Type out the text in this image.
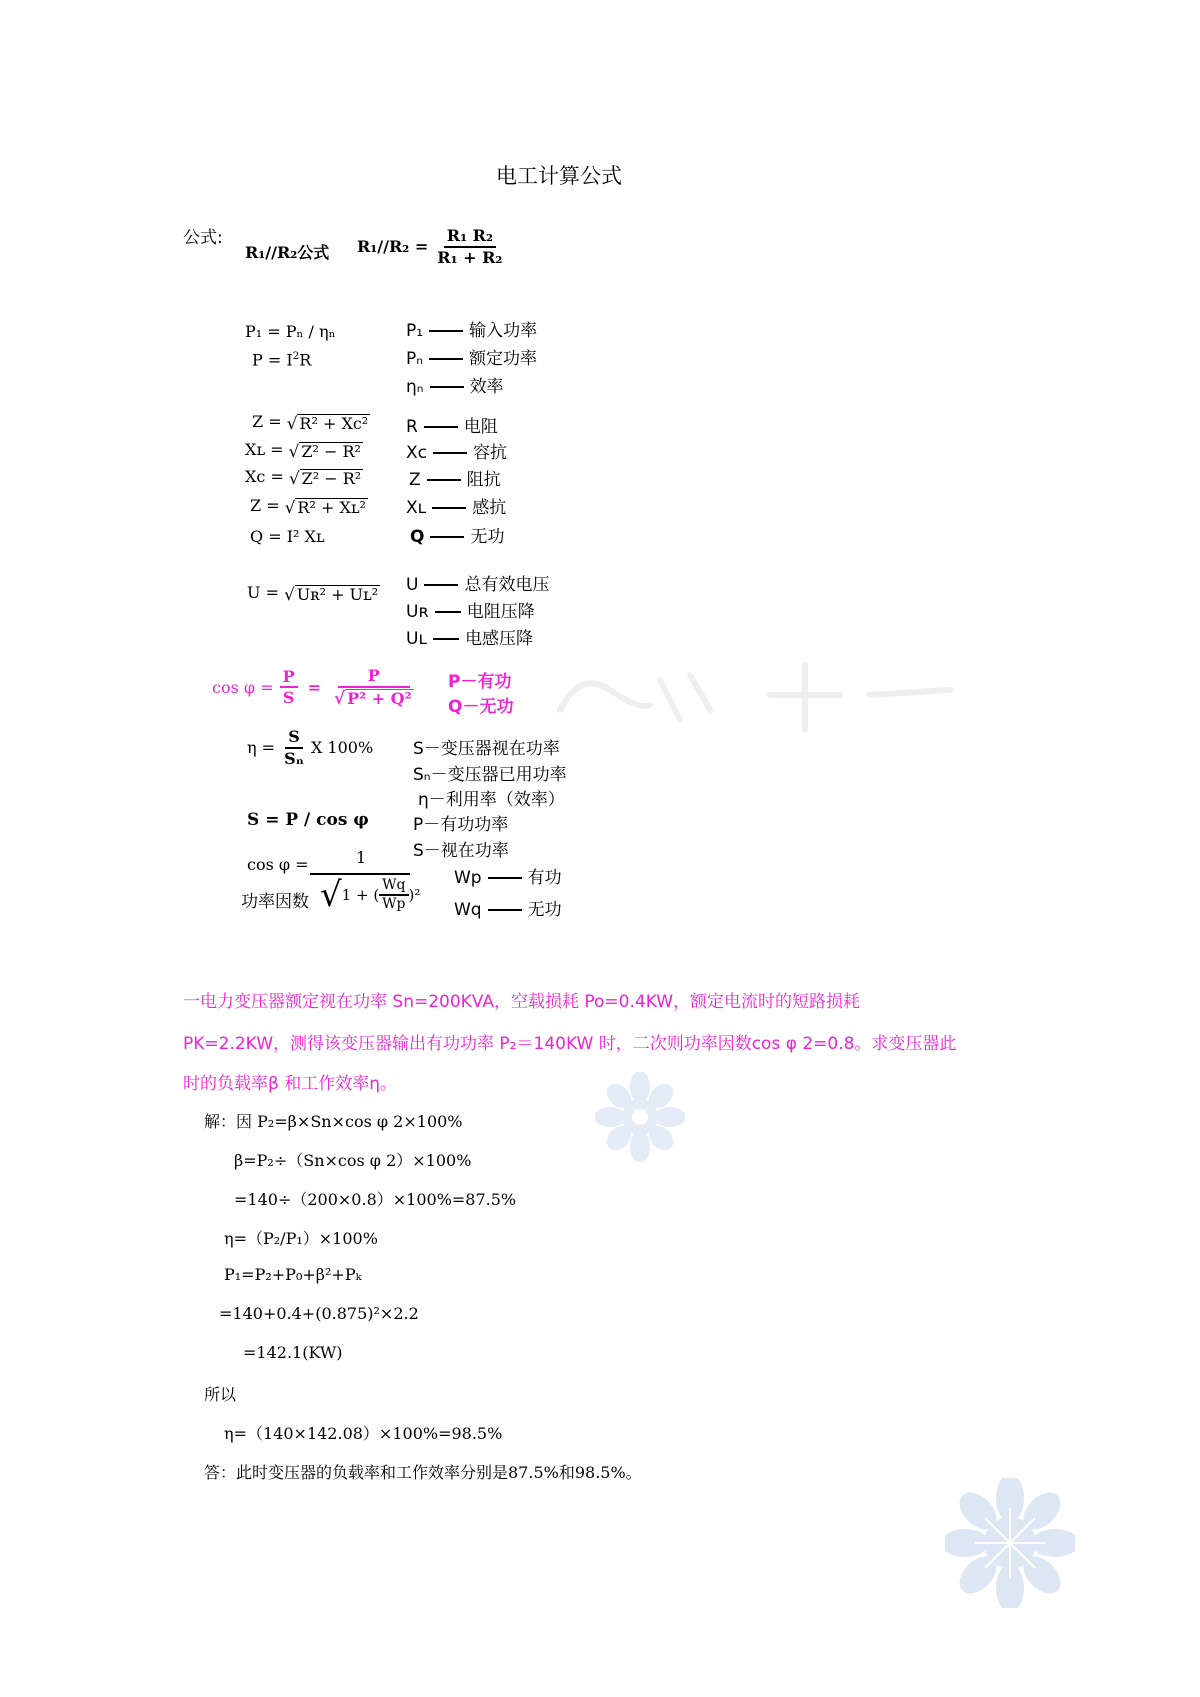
电工计算公式
公式:
R₁//R₂公式 $R_1//R_2 = \frac{\text{R₁ R₂}}{\text{R₁ + R₂}}$
P₁ = Pₙ / ηₙ
$P = I^2R$
P₁	输入功率
Pₙ	额定功率
ηₙ	效率
Z = √ R² + Xc²
Xʟ = √ Z² − R²
Xc = √ Z² − R²
Z = √ R² + Xʟ²
Q = I² Xʟ
R	电阻
Xc	容抗
Z	阻抗
Xʟ	感抗
Q	无功
U = √ Uʀ² + Uʟ² U	总有效电压
Uʀ 电阻压降
Uʟ 电感压降
$\cos \varphi = \frac{P}{S} = \frac{P}{\text{√ P² + Q²}} P-$有功
Q－无功
$\eta = \frac{S}{\text{Sₙ}}$ X 100% S－变压器视在功率
Sₙ－变压器已用功率
η－利用率（效率）
P－有功功率
S－视在功率
S = P / cos φ
cos φ =	1
功率因数 √ 1 + ( $\frac{Wq}{Wp} )^2$
Wp	有功
Wq	无功
一电力变压器额定视在功率 Sn=200KVA，空载损耗 Po=0.4KW，额定电流时的短路损耗
PK=2.2KW，测得该变压器输出有功功率 P₂＝140KW 时，二次则功率因数cos φ 2=0.8。求变压器此
时的负载率β 和工作效率η。
解：因 P₂=β×Sn×cos φ 2×100%
β=P₂÷（Sn×cos φ 2）×100%
=140÷（200×0.8）×100%=87.5%
η=（P₂/P₁）×100%
P₁=P₂+P₀+β²+Pₖ
=140+0.4+(0.875)²×2.2
=142.1(KW)
所以
η=（140×142.08）×100%=98.5%
答：此时变压器的负载率和工作效率分别是87.5%和98.5%。
